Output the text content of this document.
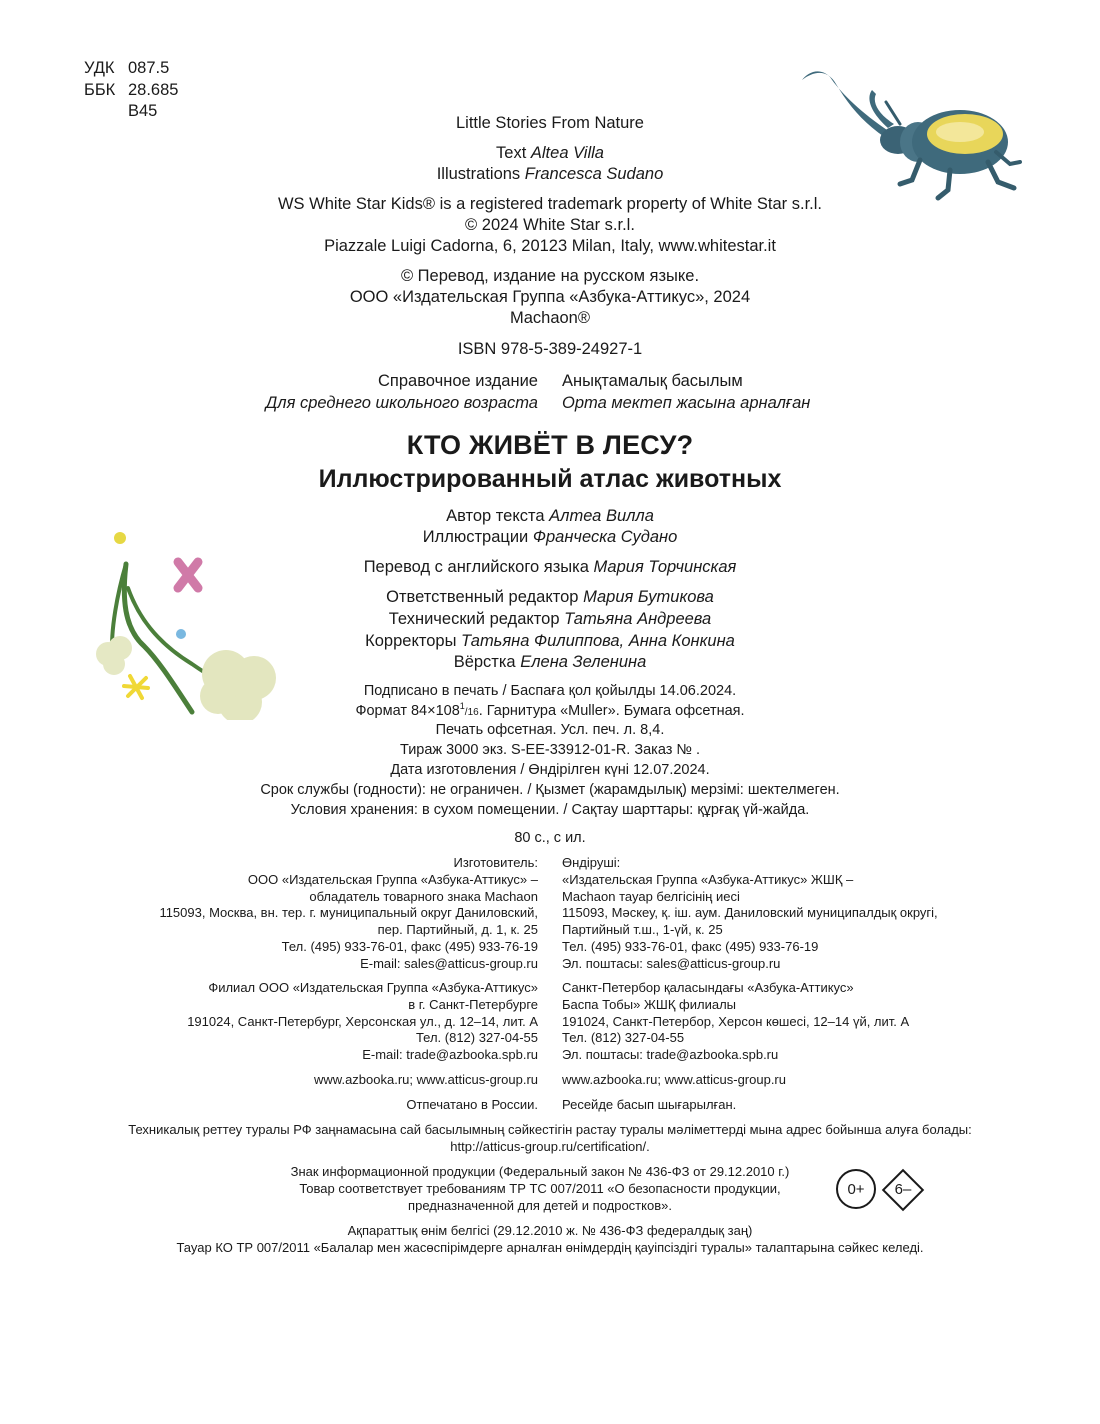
УДК 087.5
ББК 28.685
В45
Little Stories From Nature
Text Altea Villa
Illustrations Francesca Sudano
WS White Star Kids® is a registered trademark property of White Star s.r.l.
© 2024 White Star s.r.l.
Piazzale Luigi Cadorna, 6, 20123 Milan, Italy, www.whitestar.it
© Перевод, издание на русском языке.
ООО «Издательская Группа «Азбука-Аттикус», 2024
Machaon®
ISBN 978-5-389-24927-1
Справочное издание Анықтамалық басылым
Для среднего школьного возраста Орта мектеп жасына арналған
КТО ЖИВЁТ В ЛЕСУ?
Иллюстрированный атлас животных
Автор текста Алтеа Вилла
Иллюстрации Франческа Судано
Перевод с английского языка Мария Торчинская
Ответственный редактор Мария Бутикова
Технический редактор Татьяна Андреева
Корректоры Татьяна Филиппова, Анна Конкина
Вёрстка Елена Зеленина
Подписано в печать / Баспаға қол қойылды 14.06.2024.
Формат $84\times 108^1/16$. Гарнитура «Muller». Бумага офсетная.
Печать офсетная. Усл. печ. л. 8,4.
Тираж 3000 экз. S-EE-33912-01-R. Заказ № .
Дата изготовления / Өндірілген күні 12.07.2024.
Срок службы (годности): не ограничен. / Қызмет (жарамдылық) мерзімі: шектелмеген.
Условия хранения: в сухом помещении. / Сақтау шарттары: құрғақ үй-жайда.
80 с., с ил.
Изготовитель:
ООО «Издательская Группа «Азбука-Аттикус» –
обладатель товарного знака Machaon
115093, Москва, вн. тер. г. муниципальный округ Даниловский,
пер. Партийный, д. 1, к. 25
Тел. (495) 933-76-01, факс (495) 933-76-19
E-mail: sales@atticus-group.ru
Өндіруші:
«Издательская Группа «Азбука-Аттикус» ЖШҚ –
Machaon тауар белгісінің иесі
115093, Мәскеу, қ. іш. аум. Даниловский муниципалдық округі,
Партийный т.ш., 1-үй, к. 25
Тел. (495) 933-76-01, факс (495) 933-76-19
Эл. поштасы: sales@atticus-group.ru
Филиал ООО «Издательская Группа «Азбука-Аттикус»
в г. Санкт-Петербурге
191024, Санкт-Петербург, Херсонская ул., д. 12–14, лит. А
Тел. (812) 327-04-55
E-mail: trade@azbooka.spb.ru
Санкт-Петербор қаласындағы «Азбука-Аттикус»
Баспа Тобы» ЖШҚ филиалы
191024, Санкт-Петербор, Херсон көшесі, 12–14 үй, лит. А
Тел. (812) 327-04-55
Эл. поштасы: trade@azbooka.spb.ru
www.azbooka.ru; www.atticus-group.ru www.azbooka.ru; www.atticus-group.ru
Отпечатано в России. Ресейде басып шығарылған.
Техникалық реттеу туралы РФ заңнамасына сай басылымның сәйкестігін растау туралы мәліметтерді мына адрес бойынша алуға болады:
http://atticus-group.ru/certification/.
Знак информационной продукции (Федеральный закон № 436-ФЗ от 29.12.2010 г.)
Товар соответствует требованиям ТР ТС 007/2011 «О безопасности продукции,
предназначенной для детей и подростков».
0+	6–
Ақпараттық өнім белгісі (29.12.2010 ж. № 436-ФЗ федералдық заң)
Тауар КО ТР 007/2011 «Балалар мен жасөспірімдерге арналған өнімдердің қауіпсіздігі туралы» талаптарына сәйкес келеді.
